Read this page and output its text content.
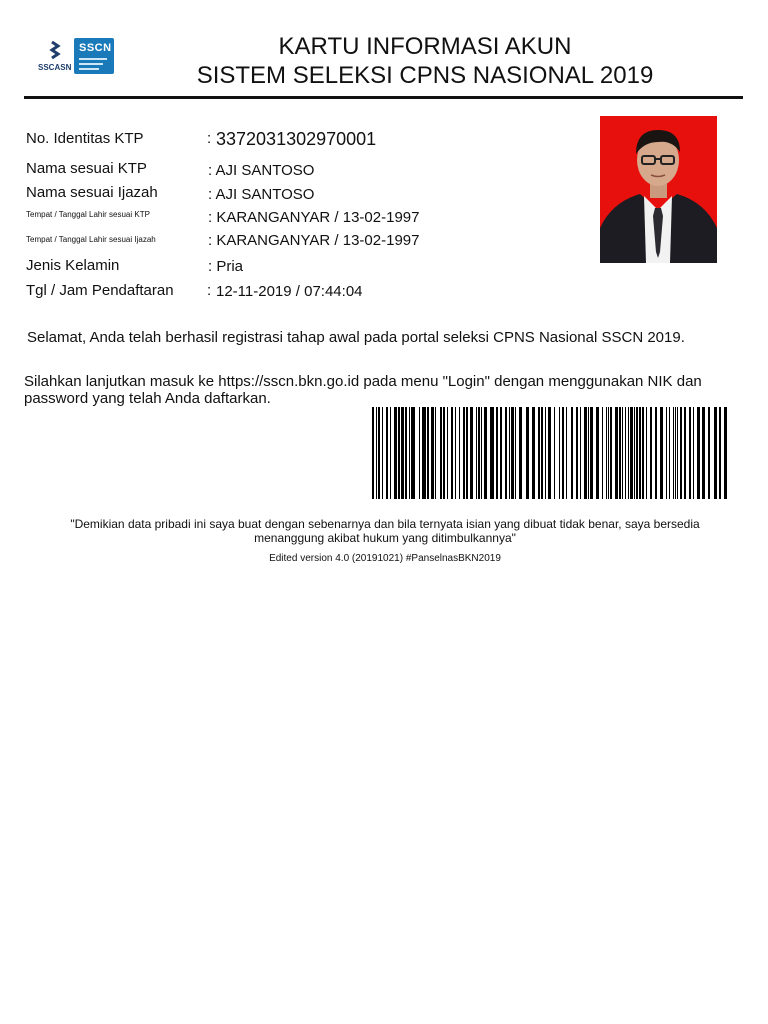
SSCASN
SSCN	KARTU INFORMASI AKUN
SISTEM SELEKSI CPNS NASIONAL 2019
No. Identitas KTP	: 3372031302970001
Nama sesuai KTP	: AJI SANTOSO
Nama sesuai Ijazah	: AJI SANTOSO
Tempat / Tanggal Lahir sesuai KTP	: KARANGANYAR / 13-02-1997
Tempat / Tanggal Lahir sesuai Ijazah	: KARANGANYAR / 13-02-1997
Jenis Kelamin	: Pria
Tgl / Jam Pendaftaran : 12-11-2019 / 07:44:04
Selamat, Anda telah berhasil registrasi tahap awal pada portal seleksi CPNS Nasional SSCN 2019.
Silahkan lanjutkan masuk ke https://sscn.bkn.go.id pada menu "Login" dengan menggunakan NIK dan
password yang telah Anda daftarkan.
"Demikian data pribadi ini saya buat dengan sebenarnya dan bila ternyata isian yang dibuat tidak benar, saya bersedia
menanggung akibat hukum yang ditimbulkannya"
Edited version 4.0 (20191021) #PanselnasBKN2019
